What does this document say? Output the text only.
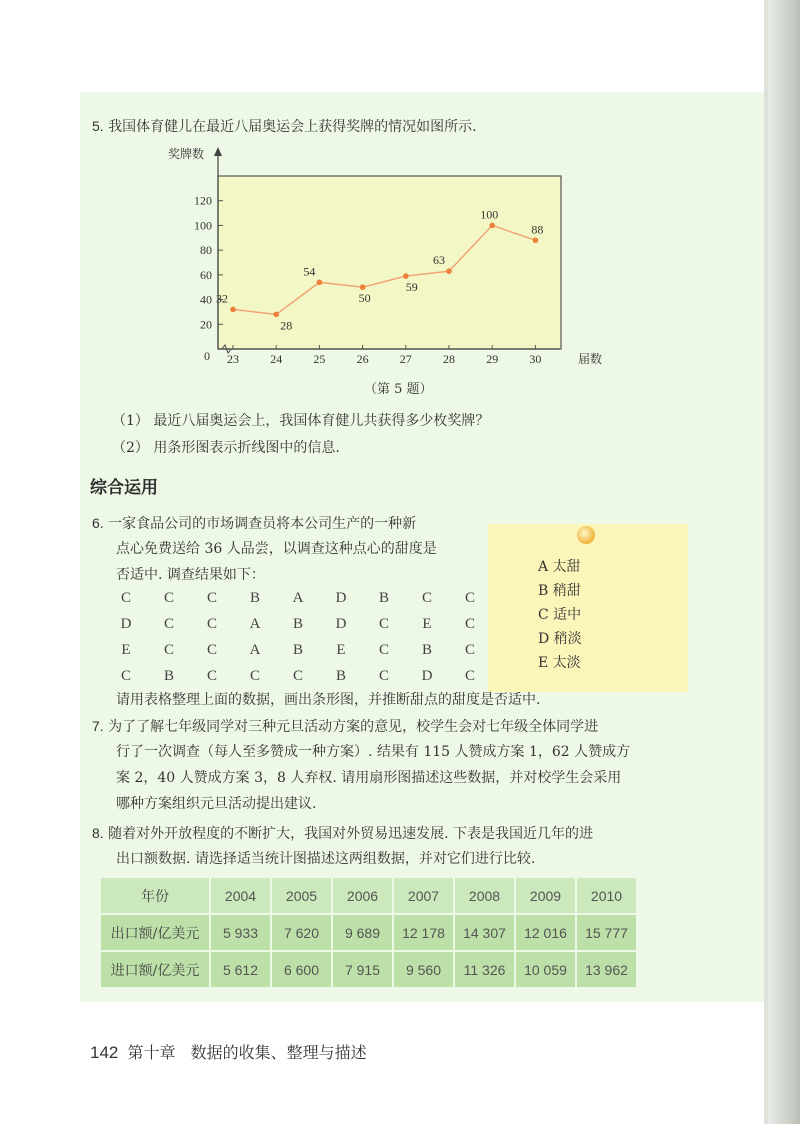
5. 我国体育健儿在最近八届奥运会上获得奖牌的情况如图所示.
20
40
60
80
100
120
奖牌数
0 23	24	25	26	27	28	29	30	届数
32
28
54
50
59
63
100
88
（第 5 题）
（1） 最近八届奥运会上，我国体育健儿共获得多少枚奖牌？
（2） 用条形图表示折线图中的信息.
综合运用
6. 一家食品公司的市场调查员将本公司生产的一种新
点心免费送给 36 人品尝，以调查这种点心的甜度是
否适中. 调查结果如下：
C	C	C	B	A	D	B	C	C
D	C	C	A	B	D	C	E	C
E	C	C	A	B	E	C	B	C
C	B	C	C	C	B	C	D	C
请用表格整理上面的数据，画出条形图，并推断甜点的甜度是否适中.
A 太甜
B 稍甜
C 适中
D 稍淡
E 太淡
7. 为了了解七年级同学对三种元旦活动方案的意见，校学生会对七年级全体同学进
行了一次调查（每人至多赞成一种方案）. 结果有 115 人赞成方案 1，62 人赞成方
案 2，40 人赞成方案 3，8 人弃权. 请用扇形图描述这些数据，并对校学生会采用
哪种方案组织元旦活动提出建议.
8. 随着对外开放程度的不断扩大，我国对外贸易迅速发展. 下表是我国近几年的进
出口额数据. 请选择适当统计图描述这两组数据，并对它们进行比较.
年份	2004	2005	2006	2007	2008	2009	2010
出口额/亿美元	5 933	7 620	9 689	12 178	14 307	12 016	15 777
进口额/亿美元	5 612	6 600	7 915	9 560	11 326	10 059	13 962
142 第十章 数据的收集、整理与描述
